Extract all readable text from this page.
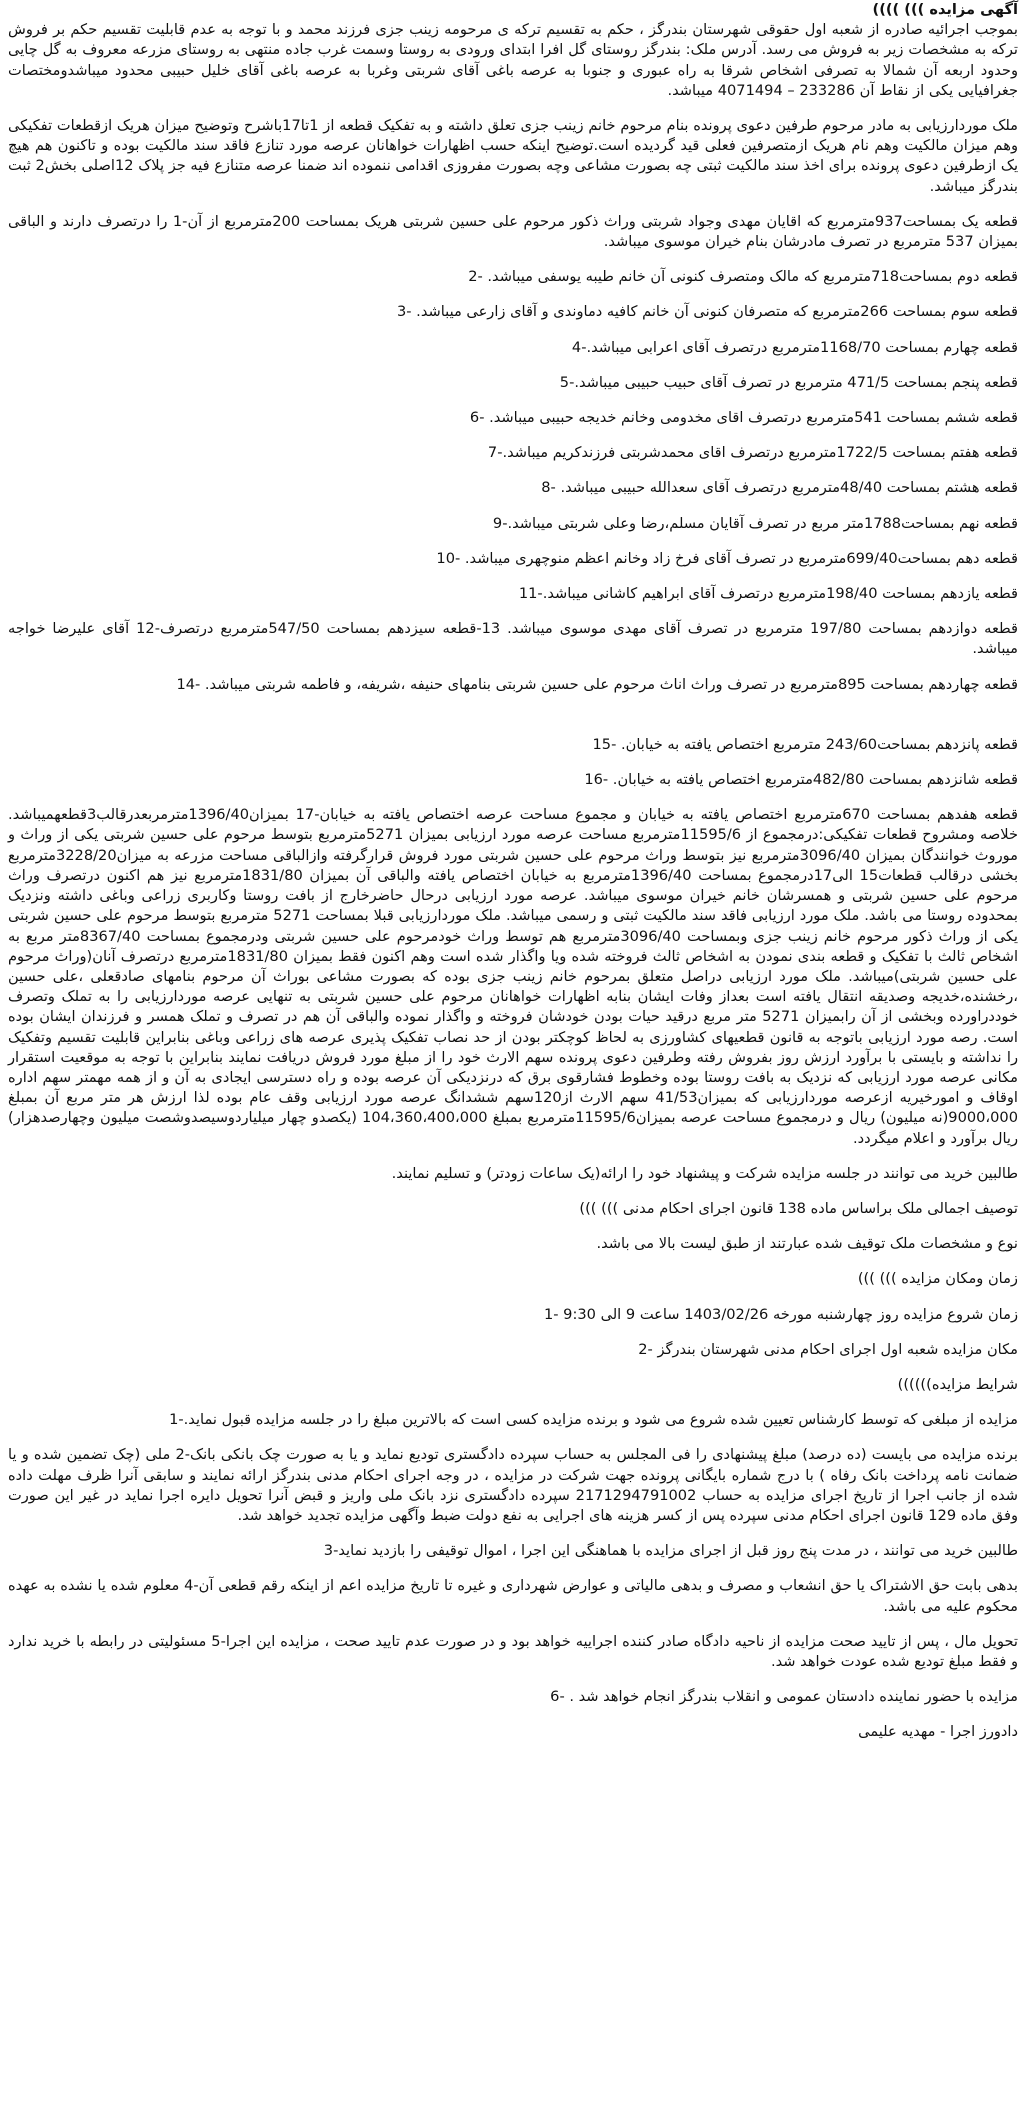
آگهی مزایده ))) ))))

بموجب اجرائیه صادره از شعبه اول حقوقی شهرستان بندرگز ، حکم به تقسیم ترکه ی مرحومه زینب جزی فرزند محمد و با توجه به عدم قابلیت تقسیم حکم بر فروش ترکه به مشخصات زیر به فروش می رسد. آدرس ملک: بندرگز روستای گل افرا ابتدای ورودی به روستا وسمت غرب جاده منتهی به روستای مزرعه معروف به گل چایی وحدود اربعه آن شمالا به تصرفی اشخاص شرقا به راه عبوری و جنوبا به عرصه باغی آقای شربتی وغربا به عرصه باغی آقای خلیل حبیبی محدود میباشدومختصات جغرافیایی یکی از نقاط آن 233286 – 4071494 میباشد.

ملک موردارزیابی به مادر مرحوم طرفین دعوی پرونده بنام مرحوم خانم زینب جزی تعلق داشته و به تفکیک قطعه از 1تا17باشرح وتوضیح میزان هریک ازقطعات تفکیکی وهم میزان مالکیت وهم نام هریک ازمتصرفین فعلی قید گردیده است.توضیح اینکه حسب اظهارات خواهانان عرصه مورد تنازع فاقد سند مالکیت بوده و تاکنون هم هیچ یک ازطرفین دعوی پرونده برای اخذ سند مالکیت ثبتی چه بصورت مشاعی وچه بصورت مفروزی اقدامی ننموده اند ضمنا عرصه متنازع فیه جز پلاک 12اصلی بخش2 ثبت بندرگز میباشد.

قطعه یک بمساحت937مترمربع که اقایان مهدی وجواد شربتی وراث ذکور مرحوم علی حسین شربتی هریک بمساحت 200مترمربع از آن-1 را درتصرف دارند و الباقی بمیزان 537 مترمربع در تصرف مادرشان بنام خیران موسوی میباشد.

قطعه دوم بمساحت718مترمربع که مالک ومتصرف کنونی آن خانم طیبه یوسفی میباشد. -2

قطعه سوم بمساحت 266مترمربع که متصرفان کنونی آن خانم کافیه دماوندی و آقای زارعی میباشد. -3

قطعه چهارم بمساحت 1168/70مترمربع درتصرف آقای اعرابی میباشد.-4

قطعه پنجم بمساحت 471/5 مترمربع در تصرف آقای حبیب حبیبی میباشد.-5

قطعه ششم بمساحت 541مترمربع درتصرف اقای مخدومی وخانم خدیجه حبیبی میباشد. -6

قطعه هفتم بمساحت 1722/5مترمربع درتصرف اقای محمدشربتی فرزندکریم میباشد.-7

قطعه هشتم بمساحت 48/40مترمربع درتصرف آقای سعدالله حبیبی میباشد. -8

قطعه نهم بمساحت1788متر مربع در تصرف آقایان مسلم،رضا وعلی شربتی میباشد.-9

قطعه دهم بمساحت699/40مترمربع در تصرف آقای فرخ زاد وخانم اعظم منوچهری میباشد. -10

قطعه یازدهم بمساحت 198/40مترمربع درتصرف آقای ابراهیم کاشانی میباشد.-11

قطعه دوازدهم بمساحت 197/80 مترمربع در تصرف آقای مهدی موسوی میباشد. 13-قطعه سیزدهم بمساحت 547/50مترمربع درتصرف-12 آقای علیرضا خواجه میباشد.

قطعه چهاردهم بمساحت 895مترمربع در تصرف وراث اناث مرحوم علی حسین شربتی بنامهای حنیفه ،شریفه، و فاطمه شربتی میباشد. -14

قطعه پانزدهم بمساحت243/60 مترمربع اختصاص یافته به خیابان. -15

قطعه شانزدهم بمساحت 482/80مترمربع اختصاص یافته به خیابان. -16

قطعه هفدهم بمساحت 670مترمربع اختصاص یافته به خیابان و مجموع مساحت عرصه اختصاص یافته به خیابان-17 بمیزان1396/40مترمربعدرقالب3قطعهمیباشد. خلاصه ومشروح قطعات تفکیکی:درمجموع از 11595/6مترمربع مساحت عرصه مورد ارزیابی بمیزان 5271مترمربع بتوسط مرحوم علی حسین شربتی یکی از وراث و موروث خوانندگان بمیزان 3096/40مترمربع نیز بتوسط وراث مرحوم علی حسین شربتی مورد فروش قرارگرفته وازالباقی مساحت مزرعه به میزان3228/20مترمربع بخشی درقالب قطعات15 الی17درمجموع بمساحت 1396/40مترمربع به خیابان اختصاص یافته والباقی آن بمیزان 1831/80مترمربع نیز هم اکنون درتصرف وراث مرحوم علی حسین شربتی و همسرشان خانم خیران موسوی میباشد. عرصه مورد ارزیابی درحال حاضرخارج از بافت روستا وکاربری زراعی وباغی داشته ونزدیک بمحدوده روستا می باشد. ملک مورد ارزیابی فاقد سند مالکیت ثبتی و رسمی میباشد. ملک موردارزیابی قبلا بمساحت 5271 مترمربع بتوسط مرحوم علی حسین شربتی یکی از وراث ذکور مرحوم خانم زینب جزی وبمساحت 3096/40مترمربع هم توسط وراث خودمرحوم علی حسین شربتی ودرمجموع بمساحت 8367/40متر مربع به اشخاص ثالث با تفکیک و قطعه بندی نمودن به اشخاص ثالث فروخته شده ویا واگذار شده است وهم اکنون فقط بمیزان 1831/80مترمربع درتصرف آنان(وراث مرحوم علی حسین شربتی)میباشد. ملک مورد ارزیابی دراصل متعلق بمرحوم خانم زینب جزی بوده که بصورت مشاعی بوراث آن مرحوم بنامهای صادقعلی ،علی حسین ،رخشنده،خدیجه وصدیقه انتقال یافته است بعداز وفات ایشان بنابه اظهارات خواهانان مرحوم علی حسین شربتی به تنهایی عرصه موردارزیابی را به تملک وتصرف خوددراورده وبخشی از آن رابمیزان 5271 متر مربع درقید حیات بودن خودشان فروخته و واگذار نموده والباقی آن هم در تصرف و تملک همسر و فرزندان ایشان بوده است. رصه مورد ارزیابی باتوجه به قانون قطعیهای کشاورزی به لحاظ کوچکتر بودن از حد نصاب تفکیک پذیری عرصه های زراعی وباغی بنابراین قابلیت تقسیم وتفکیک را نداشته و بایستی با برآورد ارزش روز بفروش رفته وطرفین دعوی پرونده سهم الارث خود را از مبلغ مورد فروش دریافت نمایند بنابراین با توجه به موقعیت استقرار مکانی عرصه مورد ارزیابی که نزدیک به بافت روستا بوده وخطوط فشارقوی برق که درنزدیکی آن عرصه بوده و راه دسترسی ایجادی به آن و از همه مهمتر سهم اداره اوقاف و امورخیریه ازعرصه موردارزیابی که بمیزان41/53 سهم الارث از120سهم ششدانگ عرصه مورد ارزیابی وقف عام بوده لذا ارزش هر متر مربع آن بمبلغ 9000،000(نه میلیون) ریال و درمجموع مساحت عرصه بمیزان11595/6مترمربع بمبلغ 104،360،400،000 (یکصدو چهار میلیاردوسیصدوشصت میلیون وچهارصدهزار) ریال برآورد و اعلام میگردد.

طالبین خرید می توانند در جلسه مزایده شرکت و پیشنهاد خود را ارائه(یک ساعات زودتر) و تسلیم نمایند.

توصیف اجمالی ملک براساس ماده 138 قانون اجرای احکام مدنی ))) )))

نوع و مشخصات ملک توقیف شده عبارتند از طبق لیست بالا می باشد.

زمان ومکان مزایده ))) )))

زمان شروع مزایده روز چهارشنبه مورخه 1403/02/26 ساعت 9 الی 9:30 -1

مکان مزایده شعبه اول اجرای احکام مدنی شهرستان بندرگز -2

شرایط مزایده))))))

مزایده از مبلغی که توسط کارشناس تعیین شده شروع می شود و برنده مزایده کسی است که بالاترین مبلغ را در جلسه مزایده قبول نماید.-1

برنده مزایده می بایست (ده درصد) مبلغ پیشنهادی را فی المجلس به حساب سپرده دادگستری تودیع نماید و یا به صورت چک بانکی بانک-2 ملی (چک تضمین شده و یا ضمانت نامه پرداخت بانک رفاه ) با درج شماره بایگانی پرونده جهت شرکت در مزایده ، در وجه اجرای احکام مدنی بندرگز ارائه نمایند و سابقی آنرا ظرف مهلت داده شده از جانب اجرا از تاریخ اجرای مزایده به حساب 2171294791002 سپرده دادگستری نزد بانک ملی واریز و قبض آنرا تحویل دایره اجرا نماید در غیر این صورت وفق ماده 129 قانون اجرای احکام مدنی سپرده پس از کسر هزینه های اجرایی به نفع دولت ضبط وآگهی مزایده تجدید خواهد شد.

طالبین خرید می توانند ، در مدت پنج روز قبل از اجرای مزایده با هماهنگی این اجرا ، اموال توقیفی را بازدید نماید-3

بدهی بابت حق الاشتراک یا حق انشعاب و مصرف و بدهی مالیاتی و عوارض شهرداری و غیره تا تاریخ مزایده اعم از اینکه رقم قطعی آن-4 معلوم شده یا نشده به عهده محکوم علیه می باشد.

تحویل مال ، پس از تایید صحت مزایده از ناحیه دادگاه صادر کننده اجراییه خواهد بود و در صورت عدم تایید صحت ، مزایده این اجرا-5 مسئولیتی در رابطه با خرید ندارد و فقط مبلغ تودیع شده عودت خواهد شد.

مزایده با حضور نماینده دادستان عمومی و انقلاب بندرگز انجام خواهد شد . -6

دادورز اجرا - مهدیه علیمی
